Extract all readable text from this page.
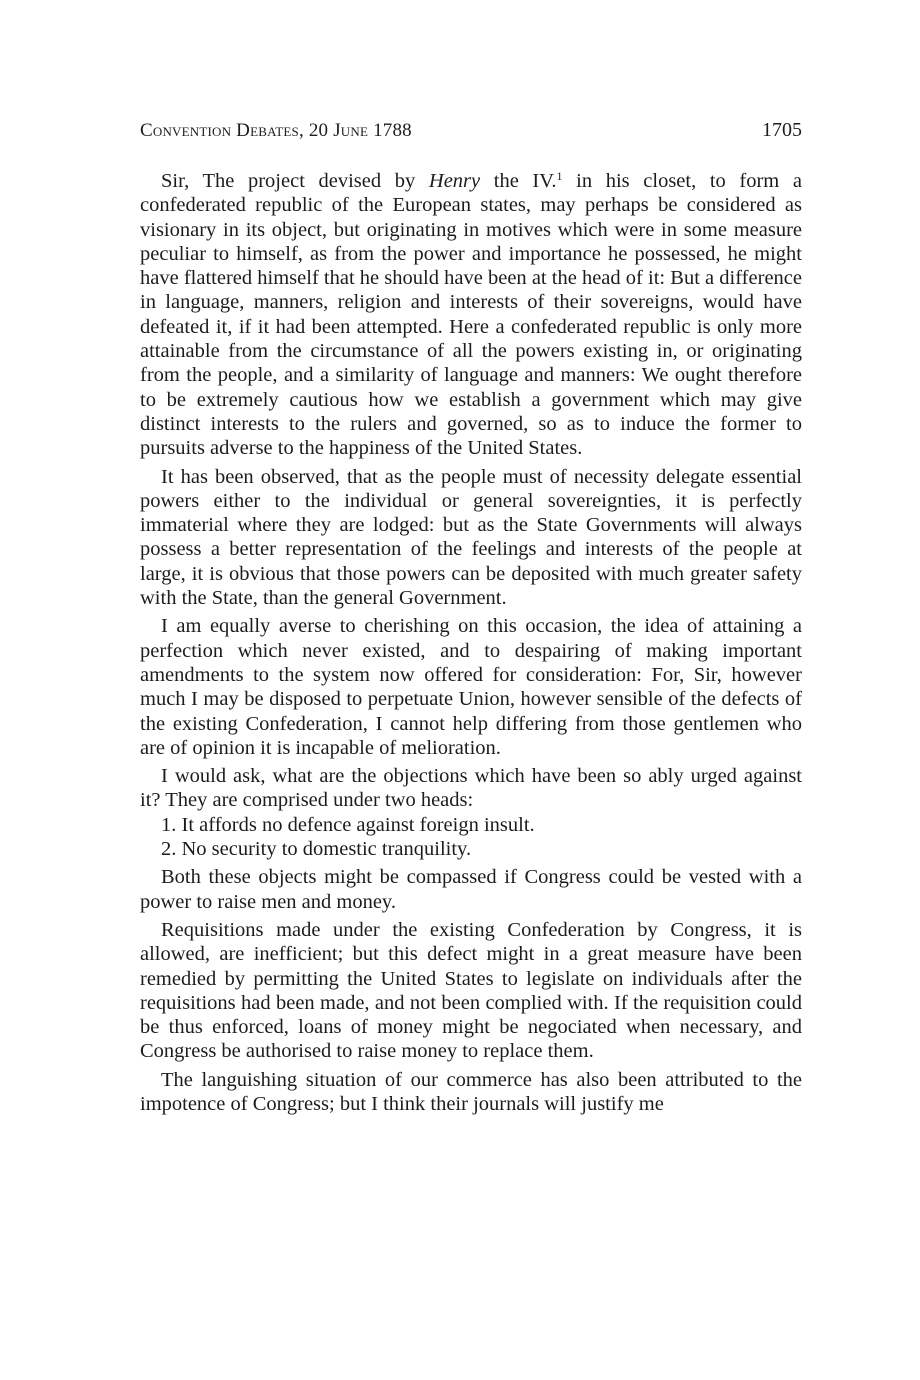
Convention Debates, 20 June 1788	1705

Sir, The project devised by Henry the IV.$^1$ in his closet, to form a confederated republic of the European states, may perhaps be considered as visionary in its object, but originating in motives which were in some measure peculiar to himself, as from the power and importance he possessed, he might have flattered himself that he should have been at the head of it: But a difference in language, manners, religion and interests of their sovereigns, would have defeated it, if it had been attempted. Here a confederated republic is only more attainable from the circumstance of all the powers existing in, or originating from the people, and a similarity of language and manners: We ought therefore to be extremely cautious how we establish a government which may give distinct interests to the rulers and governed, so as to induce the former to pursuits adverse to the happiness of the United States.

It has been observed, that as the people must of necessity delegate essential powers either to the individual or general sovereignties, it is perfectly immaterial where they are lodged: but as the State Governments will always possess a better representation of the feelings and interests of the people at large, it is obvious that those powers can be deposited with much greater safety with the State, than the general Government.

I am equally averse to cherishing on this occasion, the idea of attaining a perfection which never existed, and to despairing of making important amendments to the system now offered for consideration: For, Sir, however much I may be disposed to perpetuate Union, however sensible of the defects of the existing Confederation, I cannot help differing from those gentlemen who are of opinion it is incapable of melioration.

I would ask, what are the objections which have been so ably urged against it? They are comprised under two heads:

1. It affords no defence against foreign insult.

2. No security to domestic tranquility.

Both these objects might be compassed if Congress could be vested with a power to raise men and money.

Requisitions made under the existing Confederation by Congress, it is allowed, are inefficient; but this defect might in a great measure have been remedied by permitting the United States to legislate on individuals after the requisitions had been made, and not been complied with. If the requisition could be thus enforced, loans of money might be negociated when necessary, and Congress be authorised to raise money to replace them.

The languishing situation of our commerce has also been attributed to the impotence of Congress; but I think their journals will justify me
